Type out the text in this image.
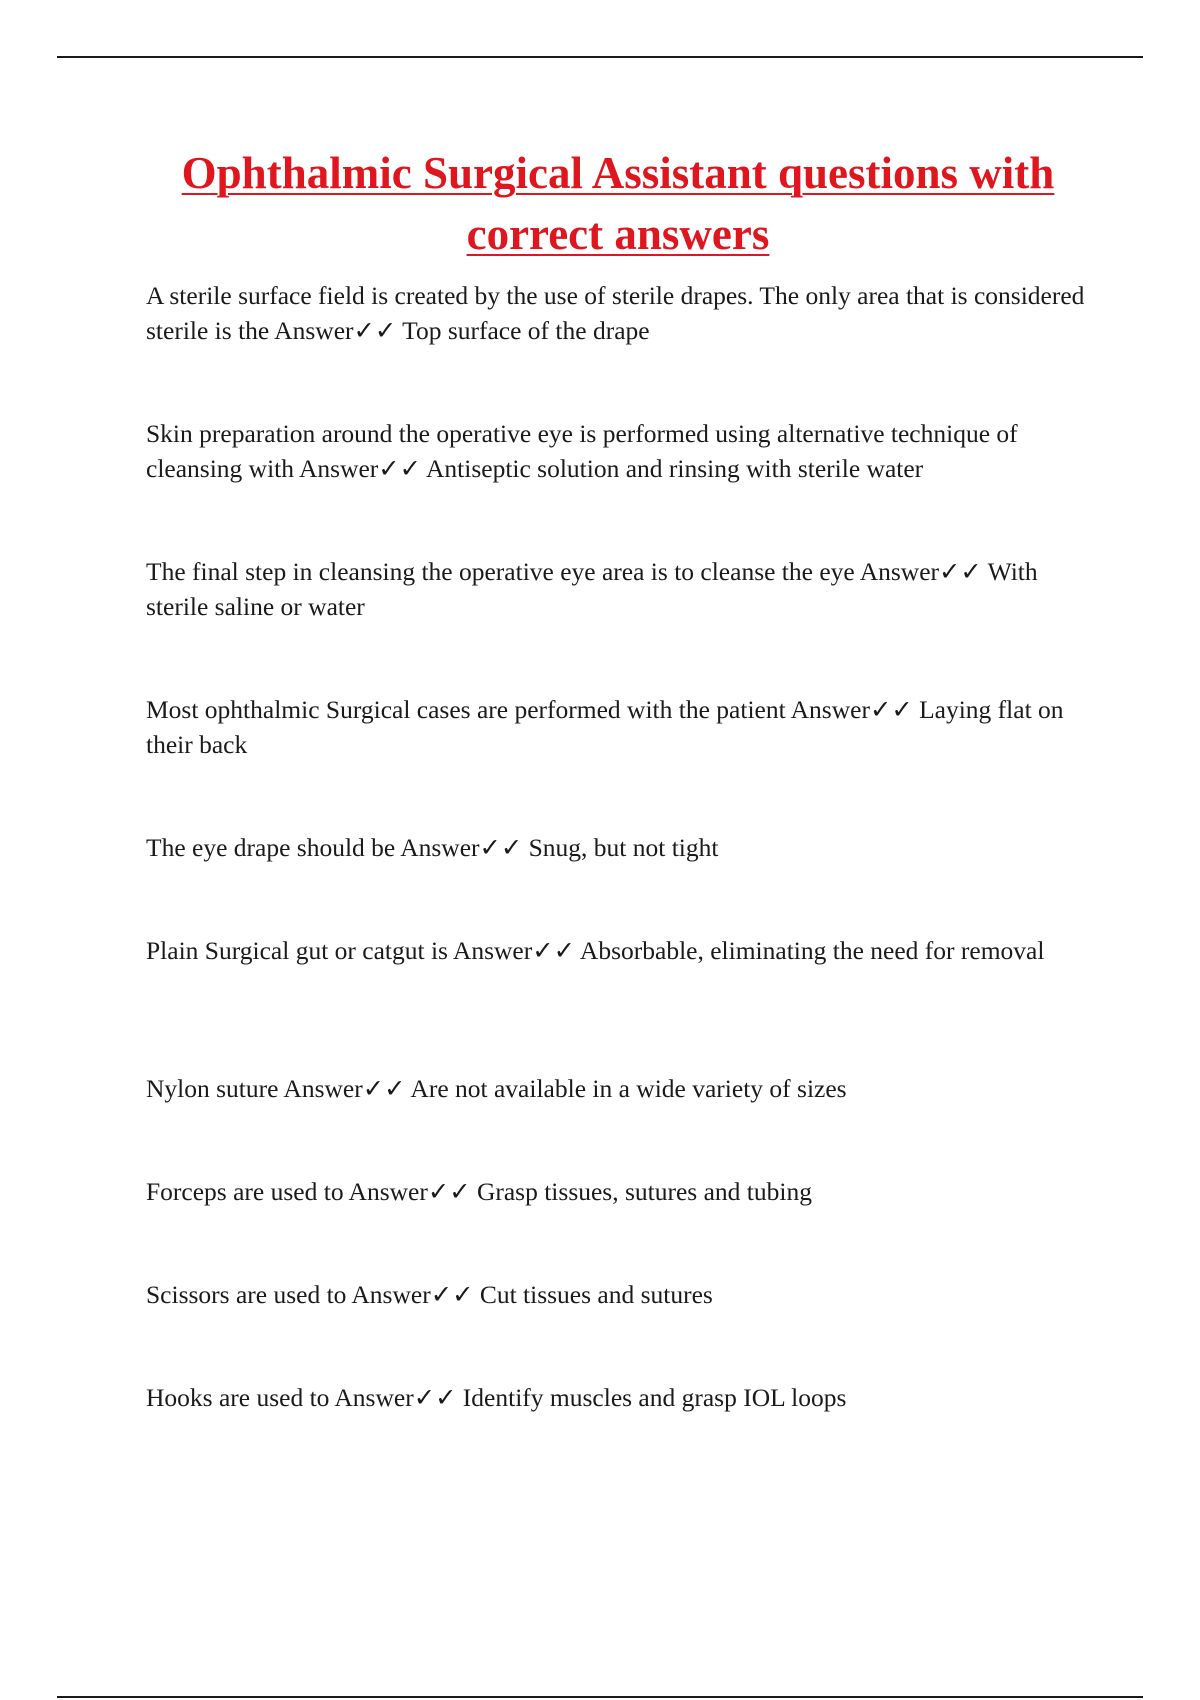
Ophthalmic Surgical Assistant questions with correct answers
A sterile surface field is created by the use of sterile drapes. The only area that is considered sterile is the Answer✓✓ Top surface of the drape
Skin preparation around the operative eye is performed using alternative technique of cleansing with Answer✓✓ Antiseptic solution and rinsing with sterile water
The final step in cleansing the operative eye area is to cleanse the eye Answer✓✓ With sterile saline or water
Most ophthalmic Surgical cases are performed with the patient Answer✓✓ Laying flat on their back
The eye drape should be Answer✓✓ Snug, but not tight
Plain Surgical gut or catgut is Answer✓✓ Absorbable, eliminating the need for removal
Nylon suture Answer✓✓ Are not available in a wide variety of sizes
Forceps are used to Answer✓✓ Grasp tissues, sutures and tubing
Scissors are used to Answer✓✓ Cut tissues and sutures
Hooks are used to Answer✓✓ Identify muscles and grasp IOL loops
